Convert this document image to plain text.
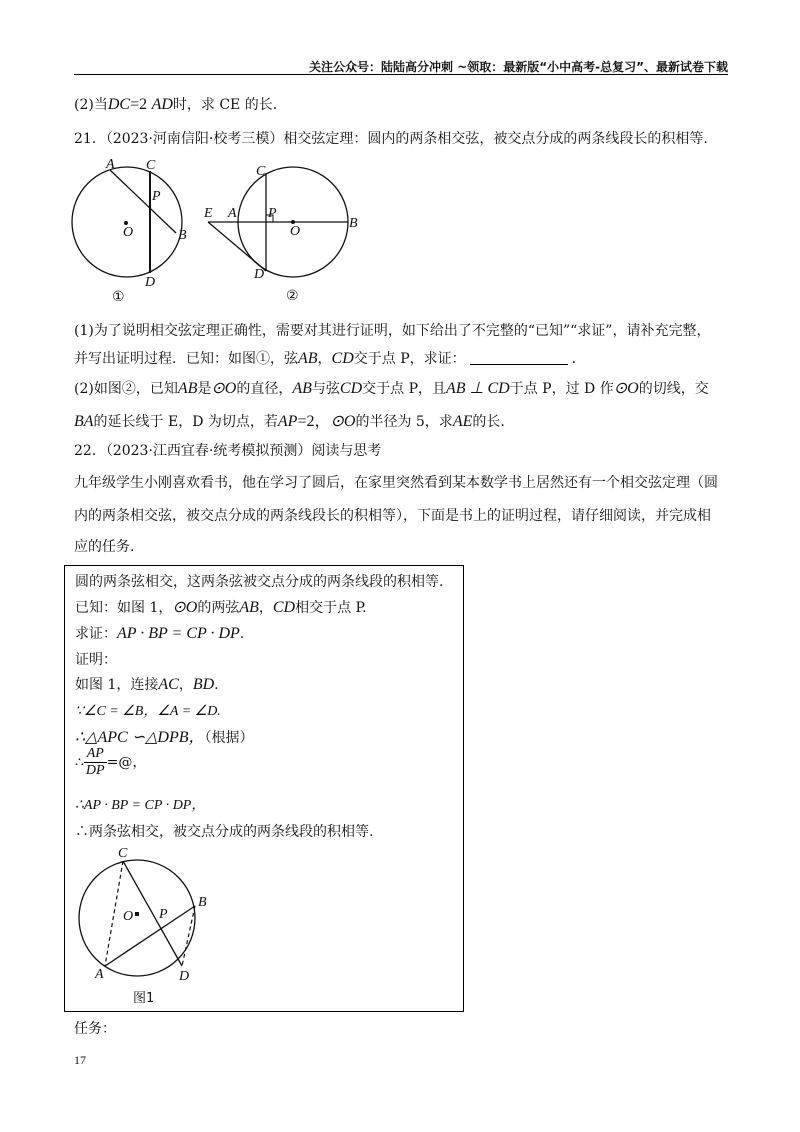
关注公众号：陆陆高分冲刺 ~领取：最新版“小中高考-总复习”、最新试卷下载
(2)当DC=2 AD时，求 CE 的长.
21．（2023·河南信阳·校考三模）相交弦定理：圆内的两条相交弦，被交点分成的两条线段长的积相等.
A C
P
O	B
D
①
C
E A P
O
B
D
②
(1)为了说明相交弦定理正确性，需要对其进行证明，如下给出了不完整的“已知”“求证”，请补充完整，
并写出证明过程．已知：如图①，弦AB，CD交于点 P，求证：	.
(2)如图②，已知AB是⊙O的直径，AB与弦CD交于点 P，且AB ⊥ CD于点 P，过 D 作⊙O的切线，交
BA的延长线于 E，D 为切点，若AP=2，⊙O的半径为 5，求AE的长.
22．（2023·江西宜春·统考模拟预测）阅读与思考
九年级学生小刚喜欢看书，他在学习了圆后，在家里突然看到某本数学书上居然还有一个相交弦定理（圆
内的两条相交弦，被交点分成的两条线段长的积相等），下面是书上的证明过程，请仔细阅读，并完成相
应的任务.
圆的两条弦相交，这两条弦被交点分成的两条线段的积相等.
已知：如图 1，⊙O的两弦AB，CD相交于点 P.
求证：AP · BP = CP · DP.
证明：
如图 1，连接AC，BD.
∵∠C = ∠B，∠A = ∠D.
∴△APC ∽△DPB，（根据）
∴ $\frac{AP}{DP}$ =@，
∴AP · BP = CP · DP，
∴两条弦相交，被交点分成的两条线段的积相等.
C
B
O P
D
A
图1
任务：
17
